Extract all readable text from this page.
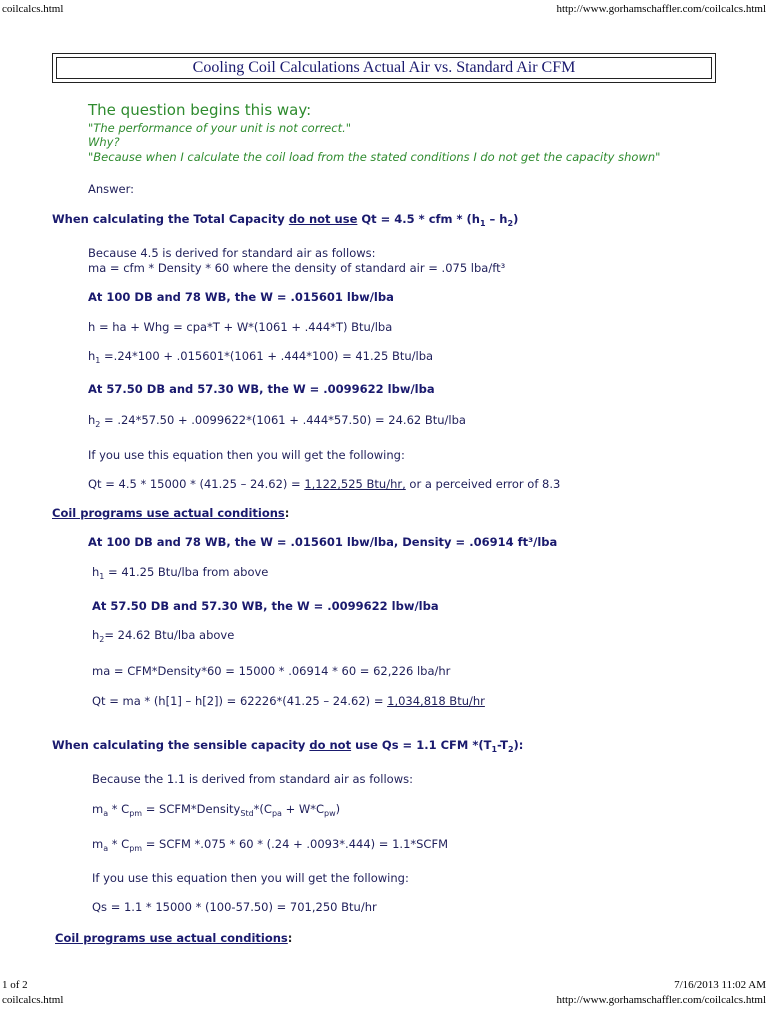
coilcalcs.html	http://www.gorhamschaffler.com/coilcalcs.html
Cooling Coil Calculations Actual Air vs. Standard Air CFM
The question begins this way:
"The performance of your unit is not correct."
Why?
"Because when I calculate the coil load from the stated conditions I do not get the capacity shown"
Answer:
When calculating the Total Capacity do not use Qt = 4.5 * cfm * $(h_1 - h_2)$
Because 4.5 is derived for standard air as follows:
ma = cfm * Density * 60 where the density of standard air = .075 lba/ft³
At 100 DB and 78 WB, the W = .015601 lbw/lba
h = ha + Whg = cpa*T + W*(1061 + .444*T) Btu/lba
$h_1 =.24*100 + .015601*(1061 + .444*100) = 41.25$ Btu/lba
At 57.50 DB and 57.30 WB, the W = .0099622 lbw/lba
$h_2 = .24*57.50 + .0099622*(1061 + .444*57.50) = 24.62$ Btu/lba
If you use this equation then you will get the following:
Qt = 4.5 * 15000 * (41.25 – 24.62) = 1,122,525 Btu/hr, or a perceived error of 8.3
Coil programs use actual conditions:
At 100 DB and 78 WB, the W = .015601 lbw/lba, Density = .06914 ft³/lba
$h_1 = 41.25$ Btu/lba from above
At 57.50 DB and 57.30 WB, the W = .0099622 lbw/lba
$h_2= 24.62$ Btu/lba above
ma = CFM*Density*60 = 15000 * .06914 * 60 = 62,226 lba/hr
Qt = ma * (h[1] – h[2]) = 62226*(41.25 – 24.62) = 1,034,818 Btu/hr
When calculating the sensible capacity do not use Qs = 1.1 CFM $*(T_1-T_2)$:
Because the 1.1 is derived from standard air as follows:
$m_a * C_{pm}$ = $SCFM*Density_{Std}*(C_{pa} + W*C_{pw})$
$m_a * C_{pm}$ = SCFM *.075 * 60 * (.24 + .0093*.444) = 1.1*SCFM
If you use this equation then you will get the following:
Qs = 1.1 * 15000 * (100-57.50) = 701,250 Btu/hr
Coil programs use actual conditions:
1 of 2	7/16/2013 11:02 AM
coilcalcs.html	http://www.gorhamschaffler.com/coilcalcs.html
